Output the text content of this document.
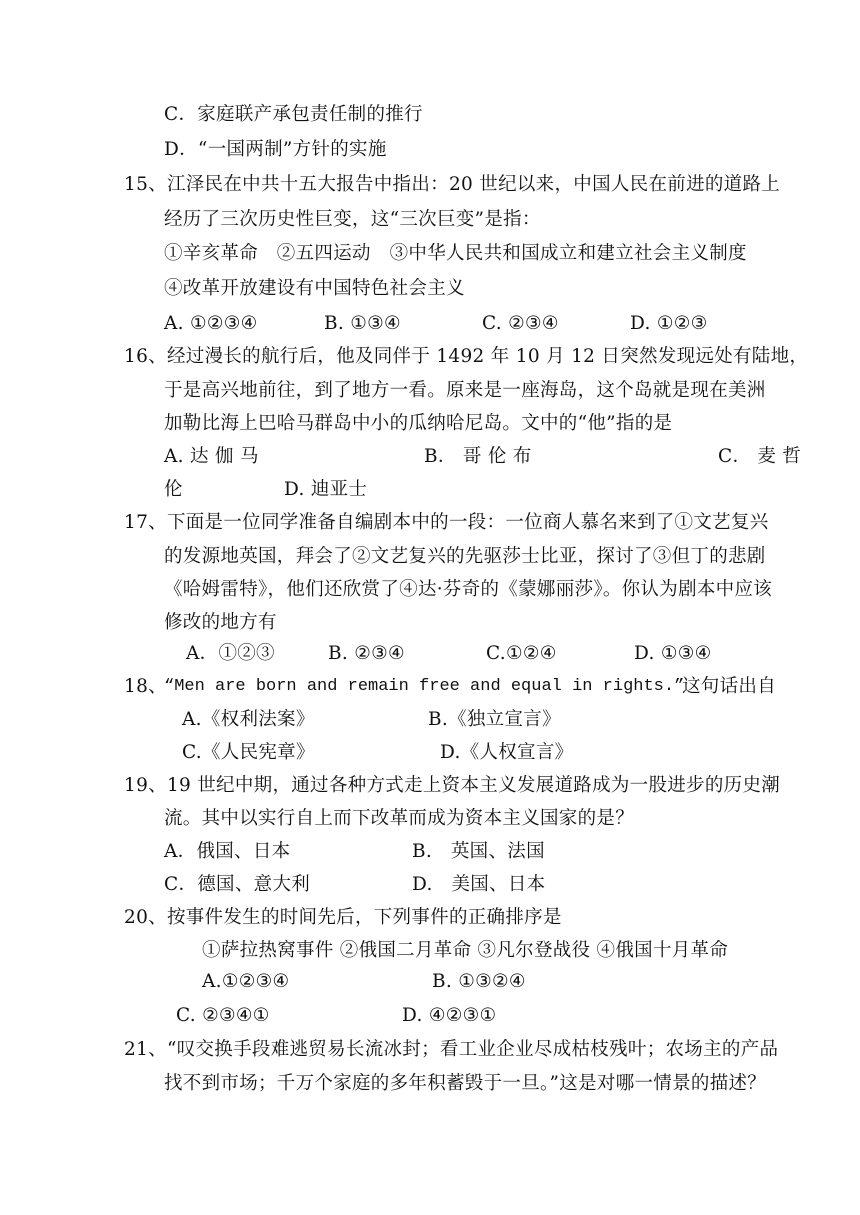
C．家庭联产承包责任制的推行
D．“一国两制”方针的实施
15、江泽民在中共十五大报告中指出：20 世纪以来，中国人民在前进的道路上
经历了三次历史性巨变，这“三次巨变”是指：
①辛亥革命　②五四运动　③中华人民共和国成立和建立社会主义制度
④改革开放建设有中国特色社会主义
A. ①②③④	B. ①③④	C. ②③④	D. ①②③
16、经过漫长的航行后，他及同伴于 1492 年 10 月 12 日突然发现远处有陆地，
于是高兴地前往，到了地方一看。原来是一座海岛，这个岛就是现在美洲
加勒比海上巴哈马群岛中小的瓜纳哈尼岛。文中的“他”指的是
A. 达 伽 马	B． 哥 伦 布	C． 麦 哲
伦	D. 迪亚士
17、下面是一位同学准备自编剧本中的一段：一位商人慕名来到了①文艺复兴
的发源地英国，拜会了②文艺复兴的先驱莎士比亚，探讨了③但丁的悲剧
《哈姆雷特》，他们还欣赏了④达·芬奇的《蒙娜丽莎》。你认为剧本中应该
修改的地方有
A．①②③	B. ②③④	C.①②④	D. ①③④
18、
“Men are born and remain free and equal in rights.”
这句话出自
A.《权利法案》	B.《独立宣言》
C.《人民宪章》	D.《人权宣言》
19、19 世纪中期，通过各种方式走上资本主义发展道路成为一股进步的历史潮
流。其中以实行自上而下改革而成为资本主义国家的是？
A．俄国、日本	B.　英国、法国
C．德国、意大利	D.　美国、日本
20、按事件发生的时间先后，下列事件的正确排序是
①萨拉热窝事件 ②俄国二月革命 ③凡尔登战役 ④俄国十月革命
A.①②③④	B. ①③②④
C. ②③④①	D. ④②③①
21、“叹交换手段难逃贸易长流冰封；看工业企业尽成枯枝残叶；农场主的产品
找不到市场；千万个家庭的多年积蓄毁于一旦。”这是对哪一情景的描述？
